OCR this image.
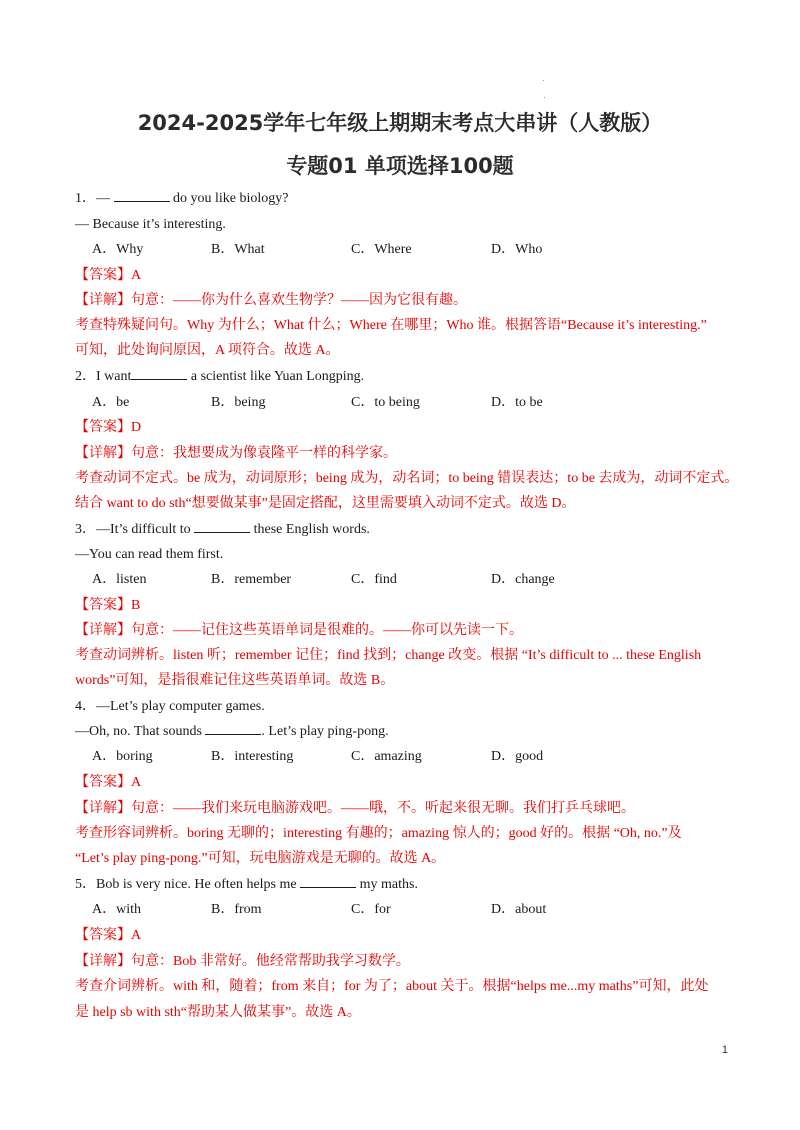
2024-2025学年七年级上期期末考点大串讲（人教版）
专题01 单项选择100题
1．—	do you like biology?
— Because it’s interesting.
A．Why	B．What	C．Where	D．Who
【答案】A
【详解】句意：——你为什么喜欢生物学？——因为它很有趣。
考查特殊疑问句。Why 为什么；What 什么；Where 在哪里；Who 谁。根据答语“Because it’s interesting.”
可知，此处询问原因，A 项符合。故选 A。
2．I want	a scientist like Yuan Longping.
A．be	B．being	C．to being	D．to be
【答案】D
【详解】句意：我想要成为像袁隆平一样的科学家。
考查动词不定式。be 成为，动词原形；being 成为，动名词；to being 错误表达；to be 去成为，动词不定式。
结合 want to do sth“想要做某事”是固定搭配，这里需要填入动词不定式。故选 D。
3．—It’s difficult to	these English words.
—You can read them first.
A．listen	B．remember	C．find	D．change
【答案】B
【详解】句意：——记住这些英语单词是很难的。——你可以先读一下。
考查动词辨析。listen 听；remember 记住；find 找到；change 改变。根据 “It’s difficult to ... these English
words”可知，是指很难记住这些英语单词。故选 B。
4．—Let’s play computer games.
—Oh, no. That sounds	. Let’s play ping-pong.
A．boring	B．interesting	C．amazing	D．good
【答案】A
【详解】句意：——我们来玩电脑游戏吧。——哦，不。听起来很无聊。我们打乒乓球吧。
考查形容词辨析。boring 无聊的；interesting 有趣的；amazing 惊人的；good 好的。根据 “Oh, no.”及
“Let’s play ping-pong.”可知，玩电脑游戏是无聊的。故选 A。
5．Bob is very nice. He often helps me	my maths.
A．with	B．from	C．for	D．about
【答案】A
【详解】句意：Bob 非常好。他经常帮助我学习数学。
考查介词辨析。with 和，随着；from 来自；for 为了；about 关于。根据“helps me...my maths”可知，此处
是 help sb with sth“帮助某人做某事”。故选 A。
1
